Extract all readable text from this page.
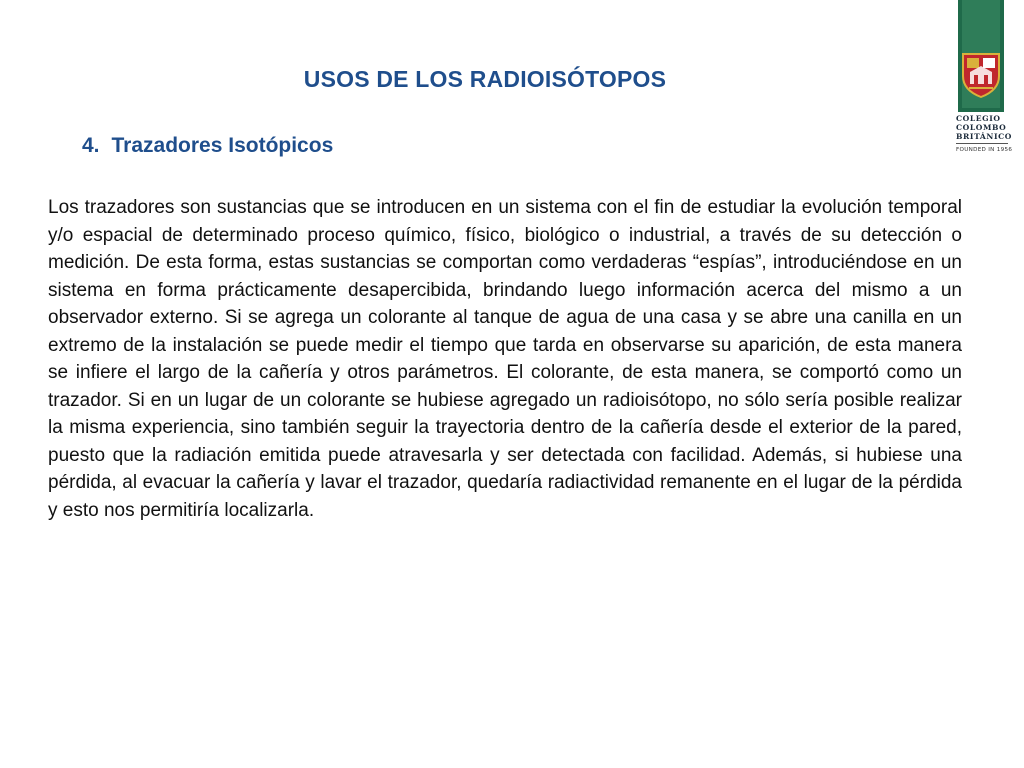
USOS DE LOS RADIOISÓTOPOS
4. Trazadores Isotópicos

Los trazadores son sustancias que se introducen en un sistema con el fin de estudiar la evolución temporal y/o espacial de determinado proceso químico, físico, biológico o industrial, a través de su detección o medición. De esta forma, estas sustancias se comportan como verdaderas “espías”, introduciéndose en un sistema en forma prácticamente desapercibida, brindando luego información acerca del mismo a un observador externo. Si se agrega un colorante al tanque de agua de una casa y se abre una canilla en un extremo de la instalación se puede medir el tiempo que tarda en observarse su aparición, de esta manera se infiere el largo de la cañería y otros parámetros. El colorante, de esta manera, se comportó como un trazador. Si en un lugar de un colorante se hubiese agregado un radioisótopo, no sólo sería posible realizar la misma experiencia, sino también seguir la trayectoria dentro de la cañería desde el exterior de la pared, puesto que la radiación emitida puede atravesarla y ser detectada con facilidad. Además, si hubiese una pérdida, al evacuar la cañería y lavar el trazador, quedaría radiactividad remanente en el lugar de la pérdida y esto nos permitiría localizarla.

COLEGIO
COLOMBO
BRITÁNICO
FOUNDED IN 1956
